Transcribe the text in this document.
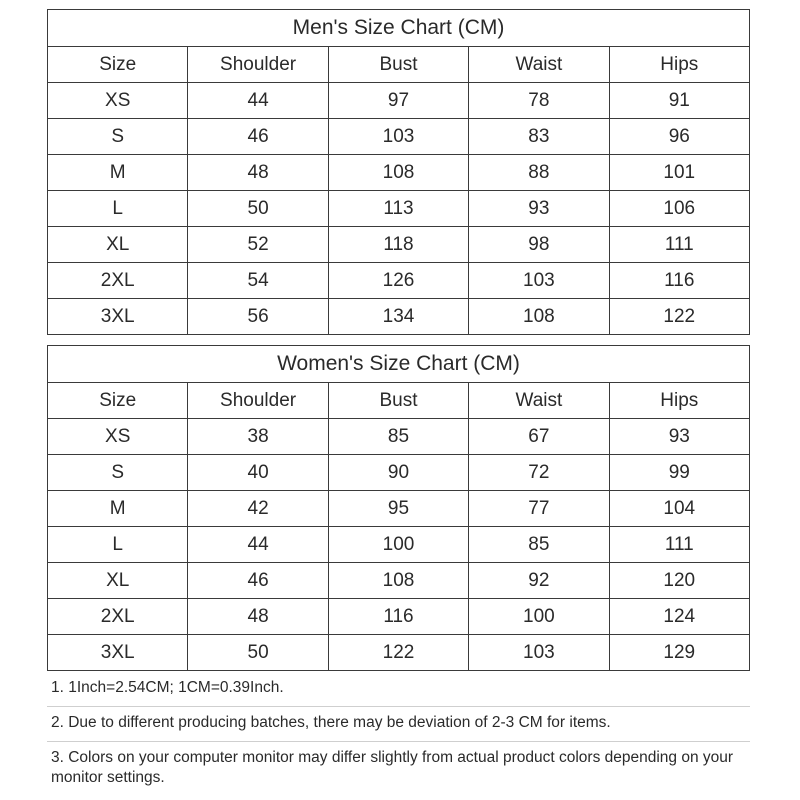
Men's Size Chart (CM)				
Size	Shoulder	Bust	Waist	Hips
XS	44	97	78	91
S	46	103	83	96
M	48	108	88	101
L	50	113	93	106
XL	52	118	98	111
2XL	54	126	103	116
3XL	56	134	108	122
Women's Size Chart (CM)				
Size	Shoulder	Bust	Waist	Hips
XS	38	85	67	93
S	40	90	72	99
M	42	95	77	104
L	44	100	85	111
XL	46	108	92	120
2XL	48	116	100	124
3XL	50	122	103	129
1. 1Inch=2.54CM; 1CM=0.39Inch.
2. Due to different producing batches, there may be deviation of 2-3 CM for items.
3. Colors on your computer monitor may differ slightly from actual product colors depending on your monitor settings.
